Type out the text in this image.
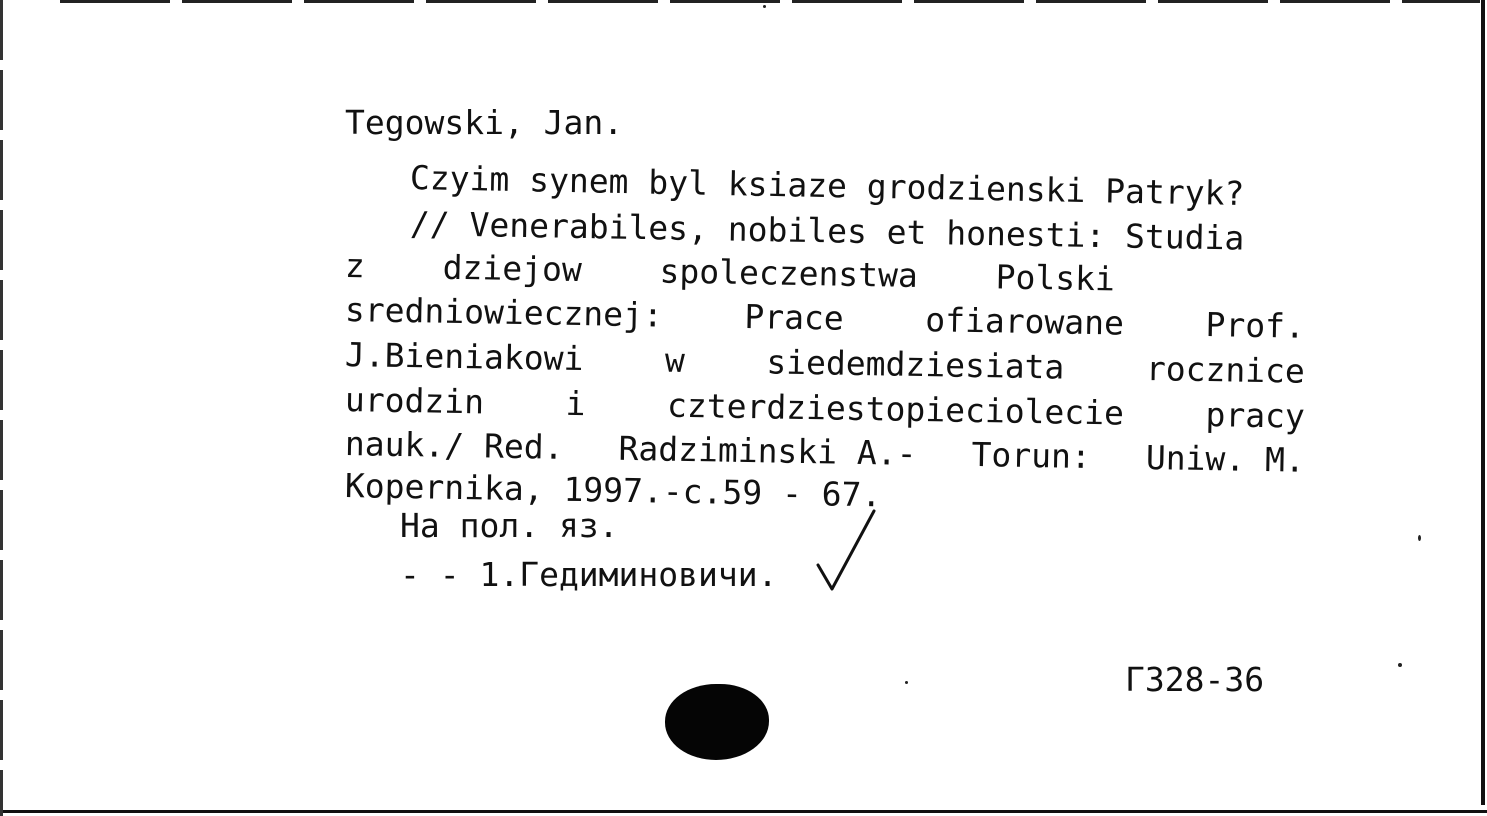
Tegowski, Jan.
Czyim synem byl ksiaze grodzienski Patryk?
// Venerabiles, nobiles et honesti: Studia
z dziejow spoleczenstwa Polski
sredniowiecznej: Prace ofiarowane Prof.
J.Bieniakowi w siedemdziesiata rocznice
urodzin i czterdziestopieciolecie pracy
nauk./ Red. Radziminski A.- Torun: Uniw. M.
Kopernika, 1997.-c.59 - 67.
На пол. яз.
- - 1.Гедиминовичи.
Г328-36
